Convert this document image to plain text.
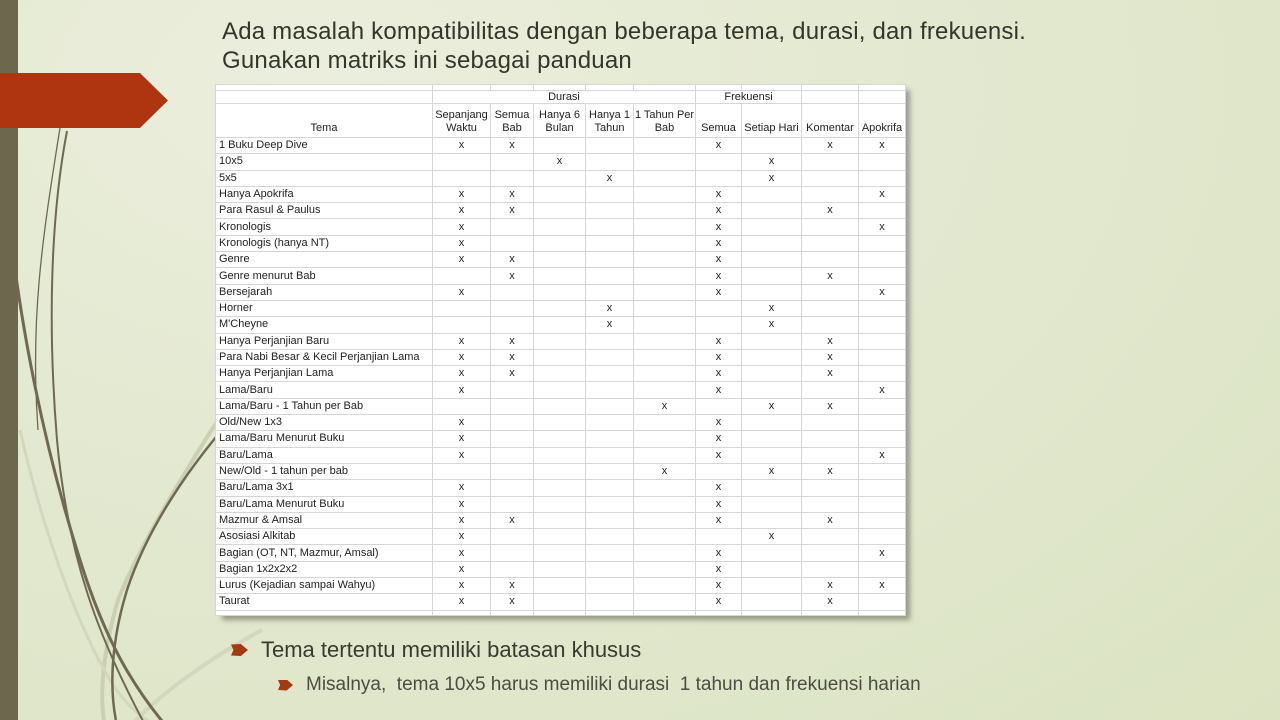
Ada masalah kompatibilitas dengan beberapa tema, durasi, dan frekuensi.
Gunakan matriks ini sebagai panduan

	Durasi					Frekuensi			
Tema	Sepanjang Waktu	Semua Bab	Hanya 6 Bulan	Hanya 1 Tahun	1 Tahun Per Bab	Semua	Setiap Hari	Komentar	Apokrifa
1 Buku Deep Dive	x	x				x		x	x
10x5			x				x		
5x5				x			x		
Hanya Apokrifa	x	x				x			x
Para Rasul & Paulus	x	x				x		x	
Kronologis	x					x			x
Kronologis (hanya NT)	x					x			
Genre	x	x				x			
Genre menurut Bab		x				x		x	
Bersejarah	x					x			x
Horner				x			x		
M'Cheyne				x			x		
Hanya Perjanjian Baru	x	x				x		x	
Para Nabi Besar & Kecil Perjanjian Lama	x	x				x		x	
Hanya Perjanjian Lama	x	x				x		x	
Lama/Baru	x					x			x
Lama/Baru - 1 Tahun per Bab					x		x	x	
Old/New 1x3	x					x			
Lama/Baru Menurut Buku	x					x			
Baru/Lama	x					x			x
New/Old - 1 tahun per bab					x		x	x	
Baru/Lama 3x1	x					x			
Baru/Lama Menurut Buku	x					x			
Mazmur & Amsal	x	x				x		x	
Asosiasi Alkitab	x						x		
Bagian (OT, NT, Mazmur, Amsal)	x					x			x
Bagian 1x2x2x2	x					x			
Lurus (Kejadian sampai Wahyu)	x	x				x		x	x
Taurat	x	x				x		x	

Tema tertentu memiliki batasan khusus
Misalnya,  tema 10x5 harus memiliki durasi  1 tahun dan frekuensi harian
